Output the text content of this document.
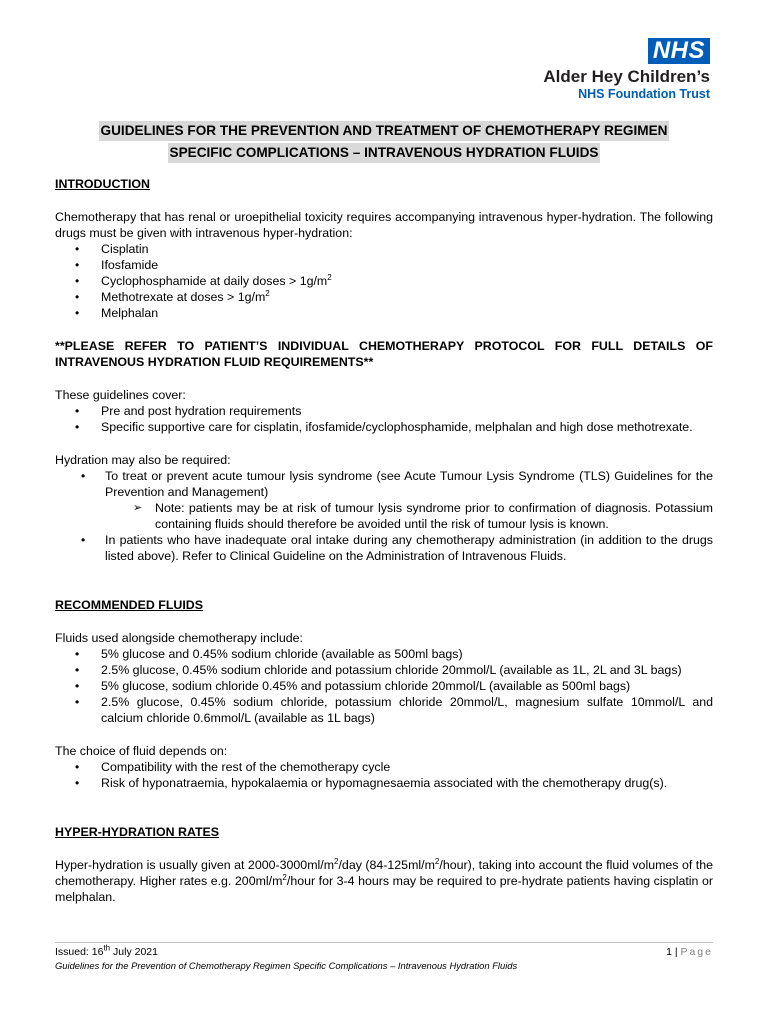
NHS
Alder Hey Children’s
NHS Foundation Trust
GUIDELINES FOR THE PREVENTION AND TREATMENT OF CHEMOTHERAPY REGIMEN
SPECIFIC COMPLICATIONS – INTRAVENOUS HYDRATION FLUIDS
INTRODUCTION

Chemotherapy that has renal or uroepithelial toxicity requires accompanying intravenous hyper-hydration. The following drugs must be given with intravenous hyper-hydration:

• Cisplatin
• Ifosfamide
• Cyclophosphamide at daily doses > $1g/m^2$
• Methotrexate at doses > $1g/m^2$
• Melphalan

**PLEASE REFER TO PATIENT’S INDIVIDUAL CHEMOTHERAPY PROTOCOL FOR FULL DETAILS OF INTRAVENOUS HYDRATION FLUID REQUIREMENTS**

These guidelines cover:

• Pre and post hydration requirements
• Specific supportive care for cisplatin, ifosfamide/cyclophosphamide, melphalan and high dose methotrexate.

Hydration may also be required:

• To treat or prevent acute tumour lysis syndrome (see Acute Tumour Lysis Syndrome (TLS) Guidelines for the Prevention and Management)
➢ Note: patients may be at risk of tumour lysis syndrome prior to confirmation of diagnosis. Potassium containing fluids should therefore be avoided until the risk of tumour lysis is known.
• In patients who have inadequate oral intake during any chemotherapy administration (in addition to the drugs listed above). Refer to Clinical Guideline on the Administration of Intravenous Fluids.
RECOMMENDED FLUIDS

Fluids used alongside chemotherapy include:

• 5% glucose and 0.45% sodium chloride (available as 500ml bags)
• 2.5% glucose, 0.45% sodium chloride and potassium chloride 20mmol/L (available as 1L, 2L and 3L bags)
• 5% glucose, sodium chloride 0.45% and potassium chloride 20mmol/L (available as 500ml bags)
• 2.5% glucose, 0.45% sodium chloride, potassium chloride 20mmol/L, magnesium sulfate 10mmol/L and calcium chloride 0.6mmol/L (available as 1L bags)

The choice of fluid depends on:

• Compatibility with the rest of the chemotherapy cycle
• Risk of hyponatraemia, hypokalaemia or hypomagnesaemia associated with the chemotherapy drug(s).
HYPER-HYDRATION RATES

Hyper-hydration is usually given at $2000-3000ml/m^2$/day $(84-125ml/m^2/hour)$, taking into account the fluid volumes of the chemotherapy. Higher rates e.g. $200ml/m^2$/hour for 3-4 hours may be required to pre-hydrate patients having cisplatin or melphalan.

Issued: 16th July 2021	1 | Page
Guidelines for the Prevention of Chemotherapy Regimen Specific Complications – Intravenous Hydration Fluids
